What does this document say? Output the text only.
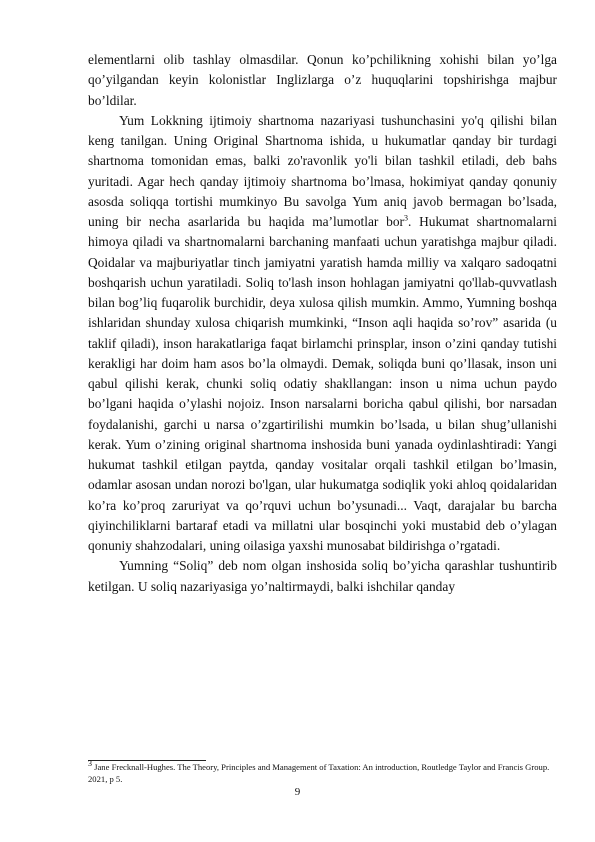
elementlarni olib tashlay olmasdilar. Qonun ko’pchilikning xohishi bilan yo’lga qo’yilgandan keyin kolonistlar Inglizlarga o’z huquqlarini topshirishga majbur bo’ldilar.

Yum Lokkning ijtimoiy shartnoma nazariyasi tushunchasini yo'q qilishi bilan keng tanilgan. Uning Original Shartnoma ishida, u hukumatlar qanday bir turdagi shartnoma tomonidan emas, balki zo'ravonlik yo'li bilan tashkil etiladi, deb bahs yuritadi. Agar hech qanday ijtimoiy shartnoma bo’lmasa, hokimiyat qanday qonuniy asosda soliqqa tortishi mumkinyo Bu savolga Yum aniq javob bermagan bo’lsada, uning bir necha asarlarida bu haqida ma’lumotlar bor$^3$. Hukumat shartnomalarni himoya qiladi va shartnomalarni barchaning manfaati uchun yaratishga majbur qiladi. Qoidalar va majburiyatlar tinch jamiyatni yaratish hamda milliy va xalqaro sadoqatni boshqarish uchun yaratiladi. Soliq to'lash inson hohlagan jamiyatni qo'llab-quvvatlash bilan bog’liq fuqarolik burchidir, deya xulosa qilish mumkin. Ammo, Yumning boshqa ishlaridan shunday xulosa chiqarish mumkinki, “Inson aqli haqida so’rov” asarida (u taklif qiladi), inson harakatlariga faqat birlamchi prinsplar, inson o’zini qanday tutishi kerakligi har doim ham asos bo’la olmaydi. Demak, soliqda buni qo’llasak, inson uni qabul qilishi kerak, chunki soliq odatiy shakllangan: inson u nima uchun paydo bo’lgani haqida o’ylashi nojoiz. Inson narsalarni boricha qabul qilishi, bor narsadan foydalanishi, garchi u narsa o’zgartirilishi mumkin bo’lsada, u bilan shug’ullanishi kerak. Yum o’zining original shartnoma inshosida buni yanada oydinlashtiradi: Yangi hukumat tashkil etilgan paytda, qanday vositalar orqali tashkil etilgan bo’lmasin, odamlar asosan undan norozi bo'lgan, ular hukumatga sodiqlik yoki ahloq qoidalaridan ko’ra ko’proq zaruriyat va qo’rquvi uchun bo’ysunadi... Vaqt, darajalar bu barcha qiyinchiliklarni bartaraf etadi va millatni ular bosqinchi yoki mustabid deb o’ylagan qonuniy shahzodalari, uning oilasiga yaxshi munosabat bildirishga o’rgatadi.

Yumning “Soliq” deb nom olgan inshosida soliq bo’yicha qarashlar tushuntirib ketilgan. U soliq nazariyasiga yo’naltirmaydi, balki ishchilar qanday

$^3$ Jane Frecknall-Hughes. The Theory, Principles and Management of Taxation: An introduction, Routledge Taylor and Francis Group. 2021, p 5.
9
